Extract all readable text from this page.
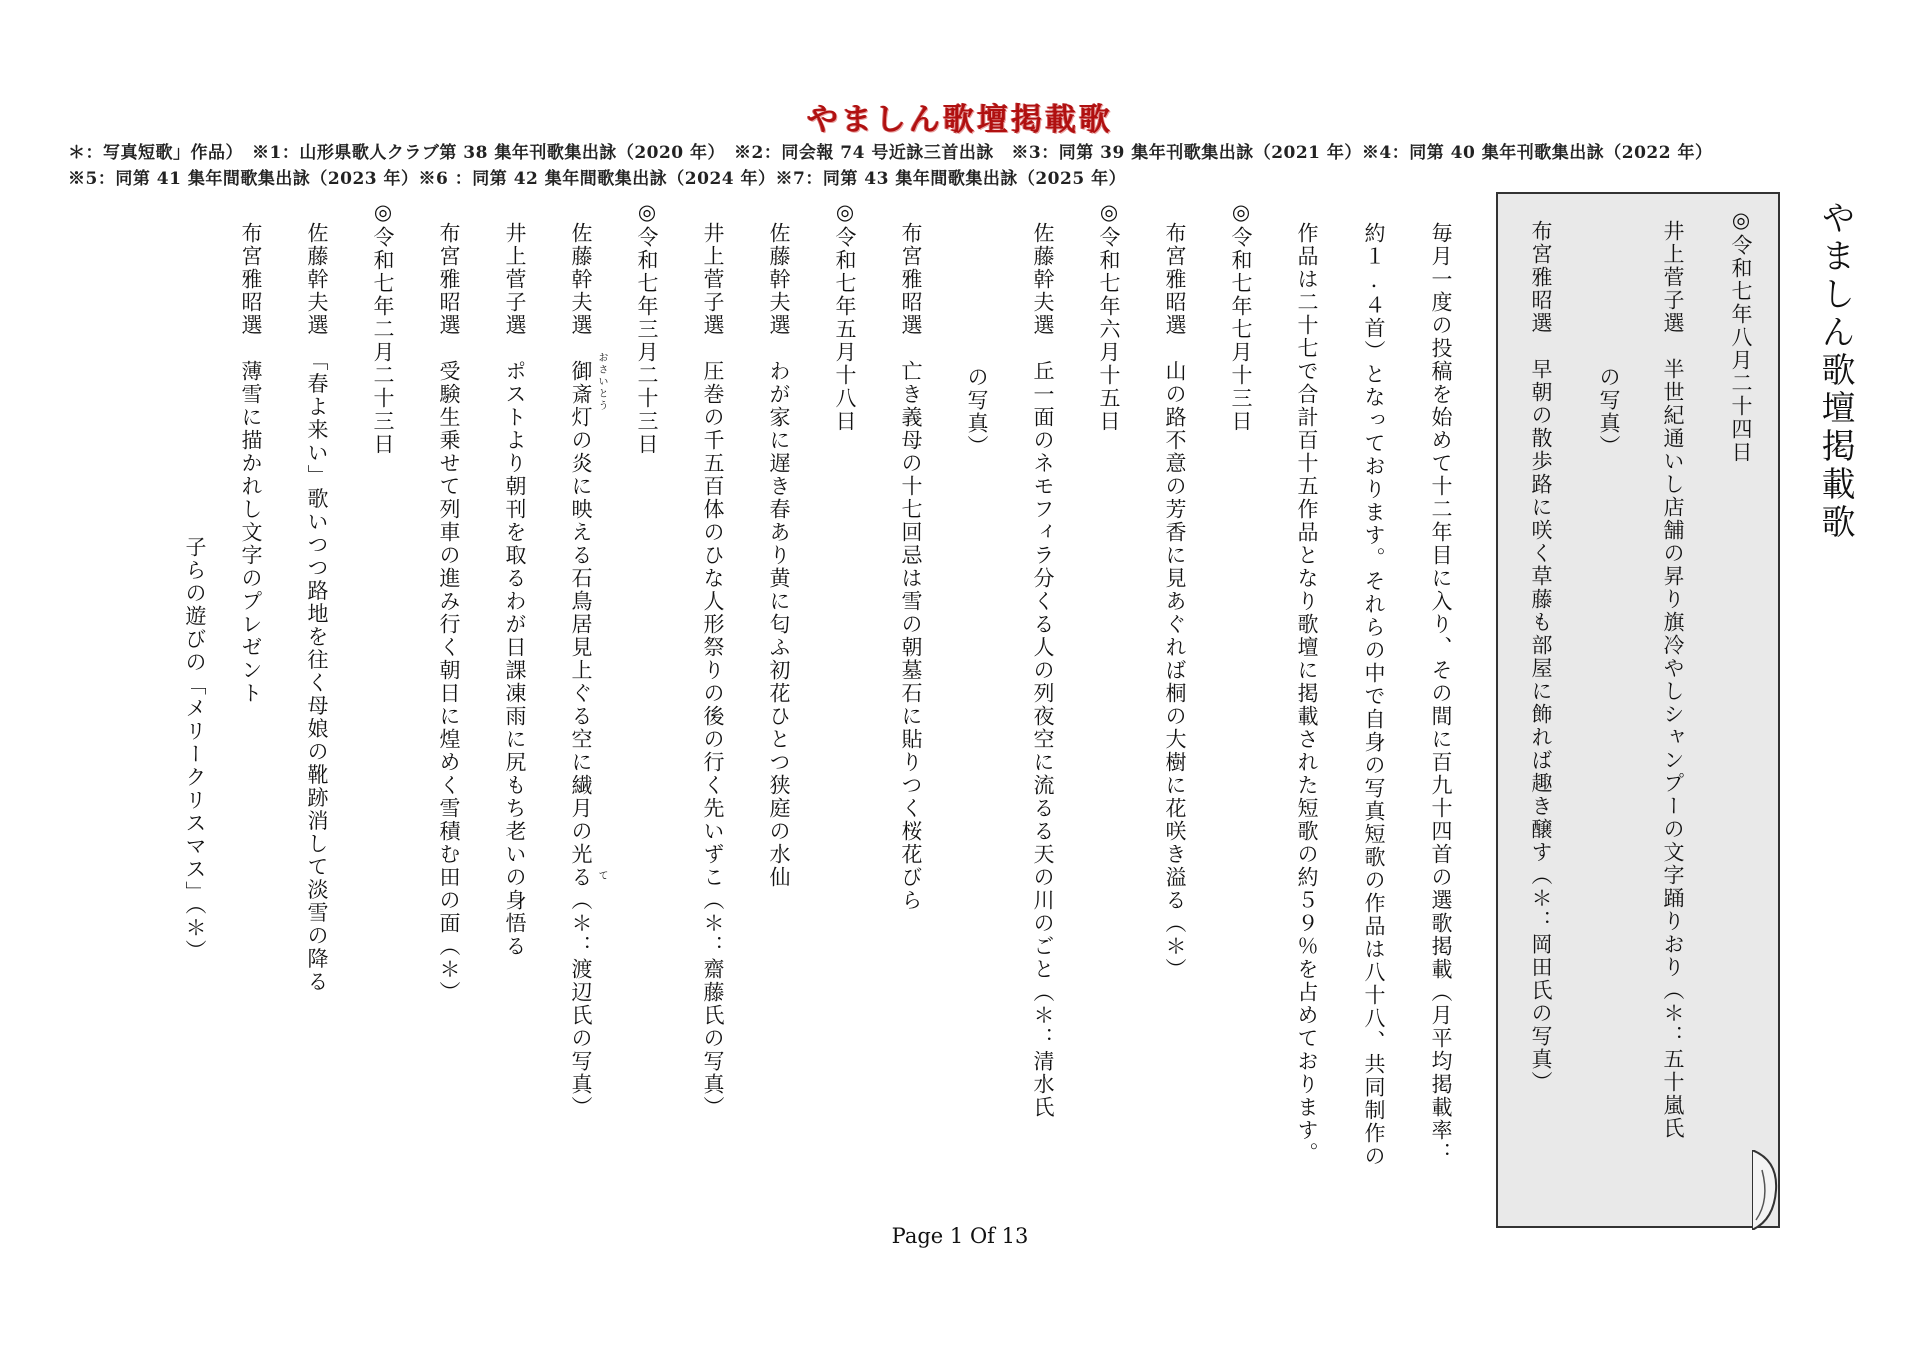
やましん歌壇掲載歌
＊：写真短歌」作品）　※1：山形県歌人クラブ第 38 集年刊歌集出詠（2020 年）　※2：同会報 74 号近詠三首出詠　※3：同第 39 集年刊歌集出詠（2021 年）※4：同第 40 集年刊歌集出詠（2022 年）
※5：同第 41 集年間歌集出詠（2023 年）※6 ：同第 42 集年間歌集出詠（2024 年）※7：同第 43 集年間歌集出詠（2025 年）
やましん歌壇掲載歌
◎令和七年八月二十四日
井上菅子選　半世紀通いし店舗の昇り旗冷やしシャンプーの文字踊りおり（＊：五十嵐氏
の写真）
布宮雅昭選　早朝の散歩路に咲く草藤も部屋に飾れば趣き醸す（＊：岡田氏の写真）
毎月一度の投稿を始めて十二年目に入り、その間に百九十四首の選歌掲載（月平均掲載率：
約１.４首）となっております。それらの中で自身の写真短歌の作品は八十八、共同制作の
作品は二十七で合計百十五作品となり歌壇に掲載された短歌の約５９％を占めております。
◎令和七年七月十三日
布宮雅昭選　山の路不意の芳香に見あぐれば桐の大樹に花咲き溢る（＊）
◎令和七年六月十五日
佐藤幹夫選　丘一面のネモフィラ分くる人の列夜空に流るる天の川のごと（＊：清水氏
の写真）
布宮雅昭選　亡き義母の十七回忌は雪の朝墓石に貼りつく桜花びら
◎令和七年五月十八日
佐藤幹夫選　わが家に遅き春あり黄に匂ふ初花ひとつ狭庭の水仙
井上菅子選　圧巻の千五百体のひな人形祭りの後の行く先いずこ（＊：齋藤氏の写真）
◎令和七年三月二十三日
佐藤幹夫選　御斎灯の炎に映える石鳥居見上ぐる空に繊月の光る（＊：渡辺氏の写真） おさいとう
て
井上菅子選　ポストより朝刊を取るわが日課凍雨に尻もち老いの身悟る
布宮雅昭選　受験生乗せて列車の進み行く朝日に煌めく雪積む田の面（＊）
◎令和七年二月二十三日
佐藤幹夫選　「春よ来い」歌いつつ路地を往く母娘の靴跡消して淡雪の降る
布宮雅昭選　薄雪に描かれし文字のプレゼント
子らの遊びの「メリークリスマス」（＊）
Page 1 Of 13
